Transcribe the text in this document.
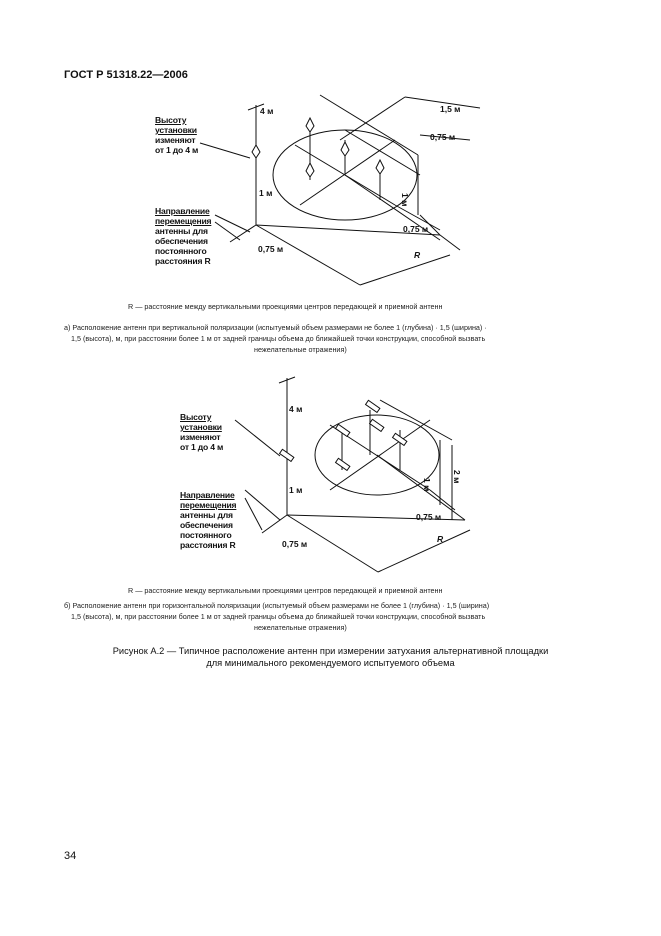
ГОСТ Р 51318.22—2006
Высоту
установки
изменяют
от 1 до 4 м
Направление
перемещения
антенны для
обеспечения
постоянного
расстояния R
4 м
1 м
1,5 м
0,75 м
1 м
0,75 м
0,75 м
R
R — расстояние между вертикальными проекциями центров передающей и приемной антенн
а) Расположение антенн при вертикальной поляризации (испытуемый объем размерами не более 1 (глубина) · 1,5 (ширина) ·
1,5 (высота), м, при расстоянии более 1 м от задней границы объема до ближайшей точки конструкции, способной вызвать
нежелательные отражения)
Высоту
установки
изменяют
от 1 до 4 м
Направление
перемещения
антенны для
обеспечения
постоянного
расстояния R
4 м
1 м	1 м
2 м
0,75 м
0,75 м	R
R — расстояние между вертикальными проекциями центров передающей и приемной антенн
б) Расположение антенн при горизонтальной поляризации (испытуемый объем размерами не более 1 (глубина) · 1,5 (ширина)
1,5 (высота), м, при расстоянии более 1 м от задней границы объема до ближайшей точки конструкции, способной вызвать
нежелательные отражения)
Рисунок А.2 — Типичное расположение антенн при измерении затухания альтернативной площадки
для минимального рекомендуемого испытуемого объема
34
